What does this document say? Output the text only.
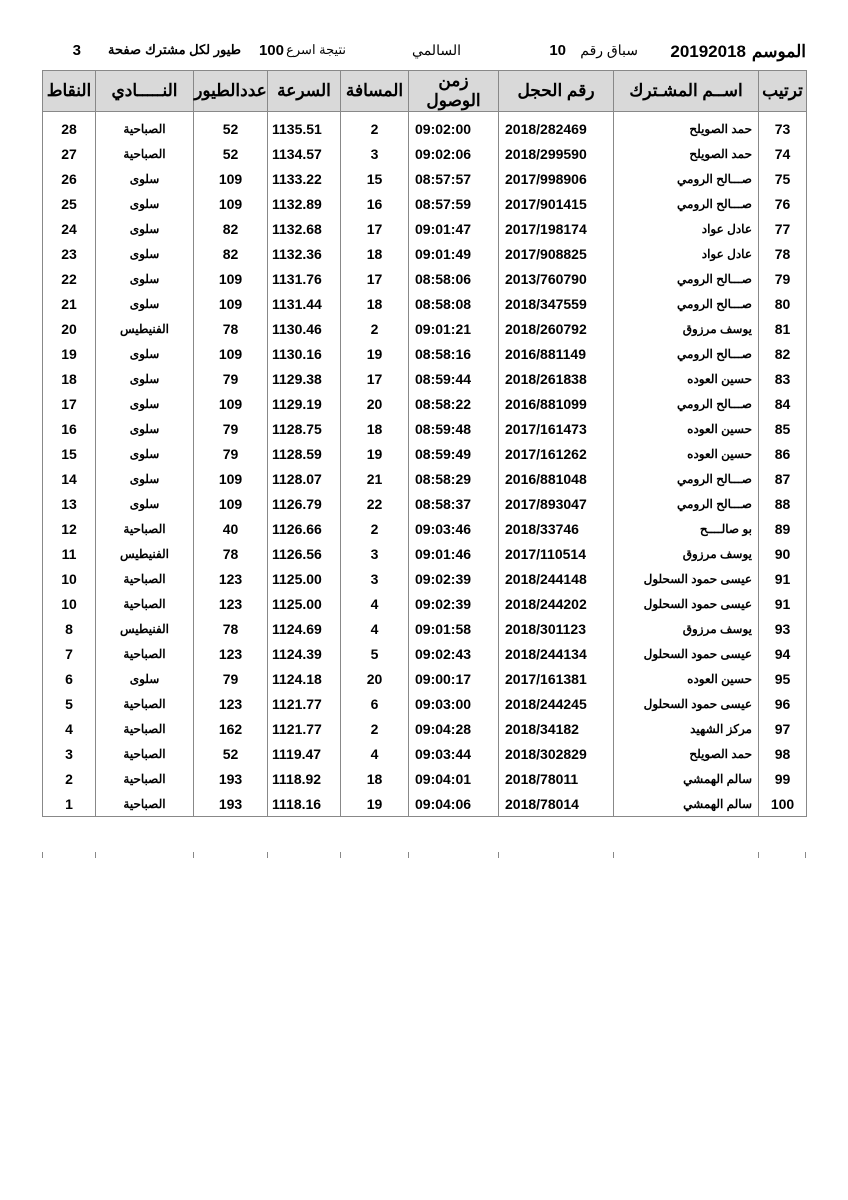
الموسم
20192018
سباق رقم
10
السالمي
نتيجة اسرع
100
طيور لكل مشترك
صفحة
3
ترتيب	اســم المشـترك	رقم الحجل	زمن الوصول	المسافة	السرعة	عددالطيور	النـــــادي	النقاط

73	حمد الصويلح	2018/282469	09:02:00	2	1135.51	52	الصباحية	28
74	حمد الصويلح	2018/299590	09:02:06	3	1134.57	52	الصباحية	27
75	صـــالح الرومي	2017/998906	08:57:57	15	1133.22	109	سلوى	26
76	صـــالح الرومي	2017/901415	08:57:59	16	1132.89	109	سلوى	25
77	عادل عواد	2017/198174	09:01:47	17	1132.68	82	سلوى	24
78	عادل عواد	2017/908825	09:01:49	18	1132.36	82	سلوى	23
79	صـــالح الرومي	2013/760790	08:58:06	17	1131.76	109	سلوى	22
80	صـــالح الرومي	2018/347559	08:58:08	18	1131.44	109	سلوى	21
81	يوسف مرزوق	2018/260792	09:01:21	2	1130.46	78	الفنيطيس	20
82	صـــالح الرومي	2016/881149	08:58:16	19	1130.16	109	سلوى	19
83	حسين العوده	2018/261838	08:59:44	17	1129.38	79	سلوى	18
84	صـــالح الرومي	2016/881099	08:58:22	20	1129.19	109	سلوى	17
85	حسين العوده	2017/161473	08:59:48	18	1128.75	79	سلوى	16
86	حسين العوده	2017/161262	08:59:49	19	1128.59	79	سلوى	15
87	صـــالح الرومي	2016/881048	08:58:29	21	1128.07	109	سلوى	14
88	صـــالح الرومي	2017/893047	08:58:37	22	1126.79	109	سلوى	13
89	بو صالــــح	2018/33746	09:03:46	2	1126.66	40	الصباحية	12
90	يوسف مرزوق	2017/110514	09:01:46	3	1126.56	78	الفنيطيس	11
91	عيسى حمود السحلول	2018/244148	09:02:39	3	1125.00	123	الصباحية	10
91	عيسى حمود السحلول	2018/244202	09:02:39	4	1125.00	123	الصباحية	10
93	يوسف مرزوق	2018/301123	09:01:58	4	1124.69	78	الفنيطيس	8
94	عيسى حمود السحلول	2018/244134	09:02:43	5	1124.39	123	الصباحية	7
95	حسين العوده	2017/161381	09:00:17	20	1124.18	79	سلوى	6
96	عيسى حمود السحلول	2018/244245	09:03:00	6	1121.77	123	الصباحية	5
97	مركز الشهيد	2018/34182	09:04:28	2	1121.77	162	الصباحية	4
98	حمد الصويلح	2018/302829	09:03:44	4	1119.47	52	الصباحية	3
99	سالم الهمشي	2018/78011	09:04:01	18	1118.92	193	الصباحية	2
100	سالم الهمشي	2018/78014	09:04:06	19	1118.16	193	الصباحية	1
